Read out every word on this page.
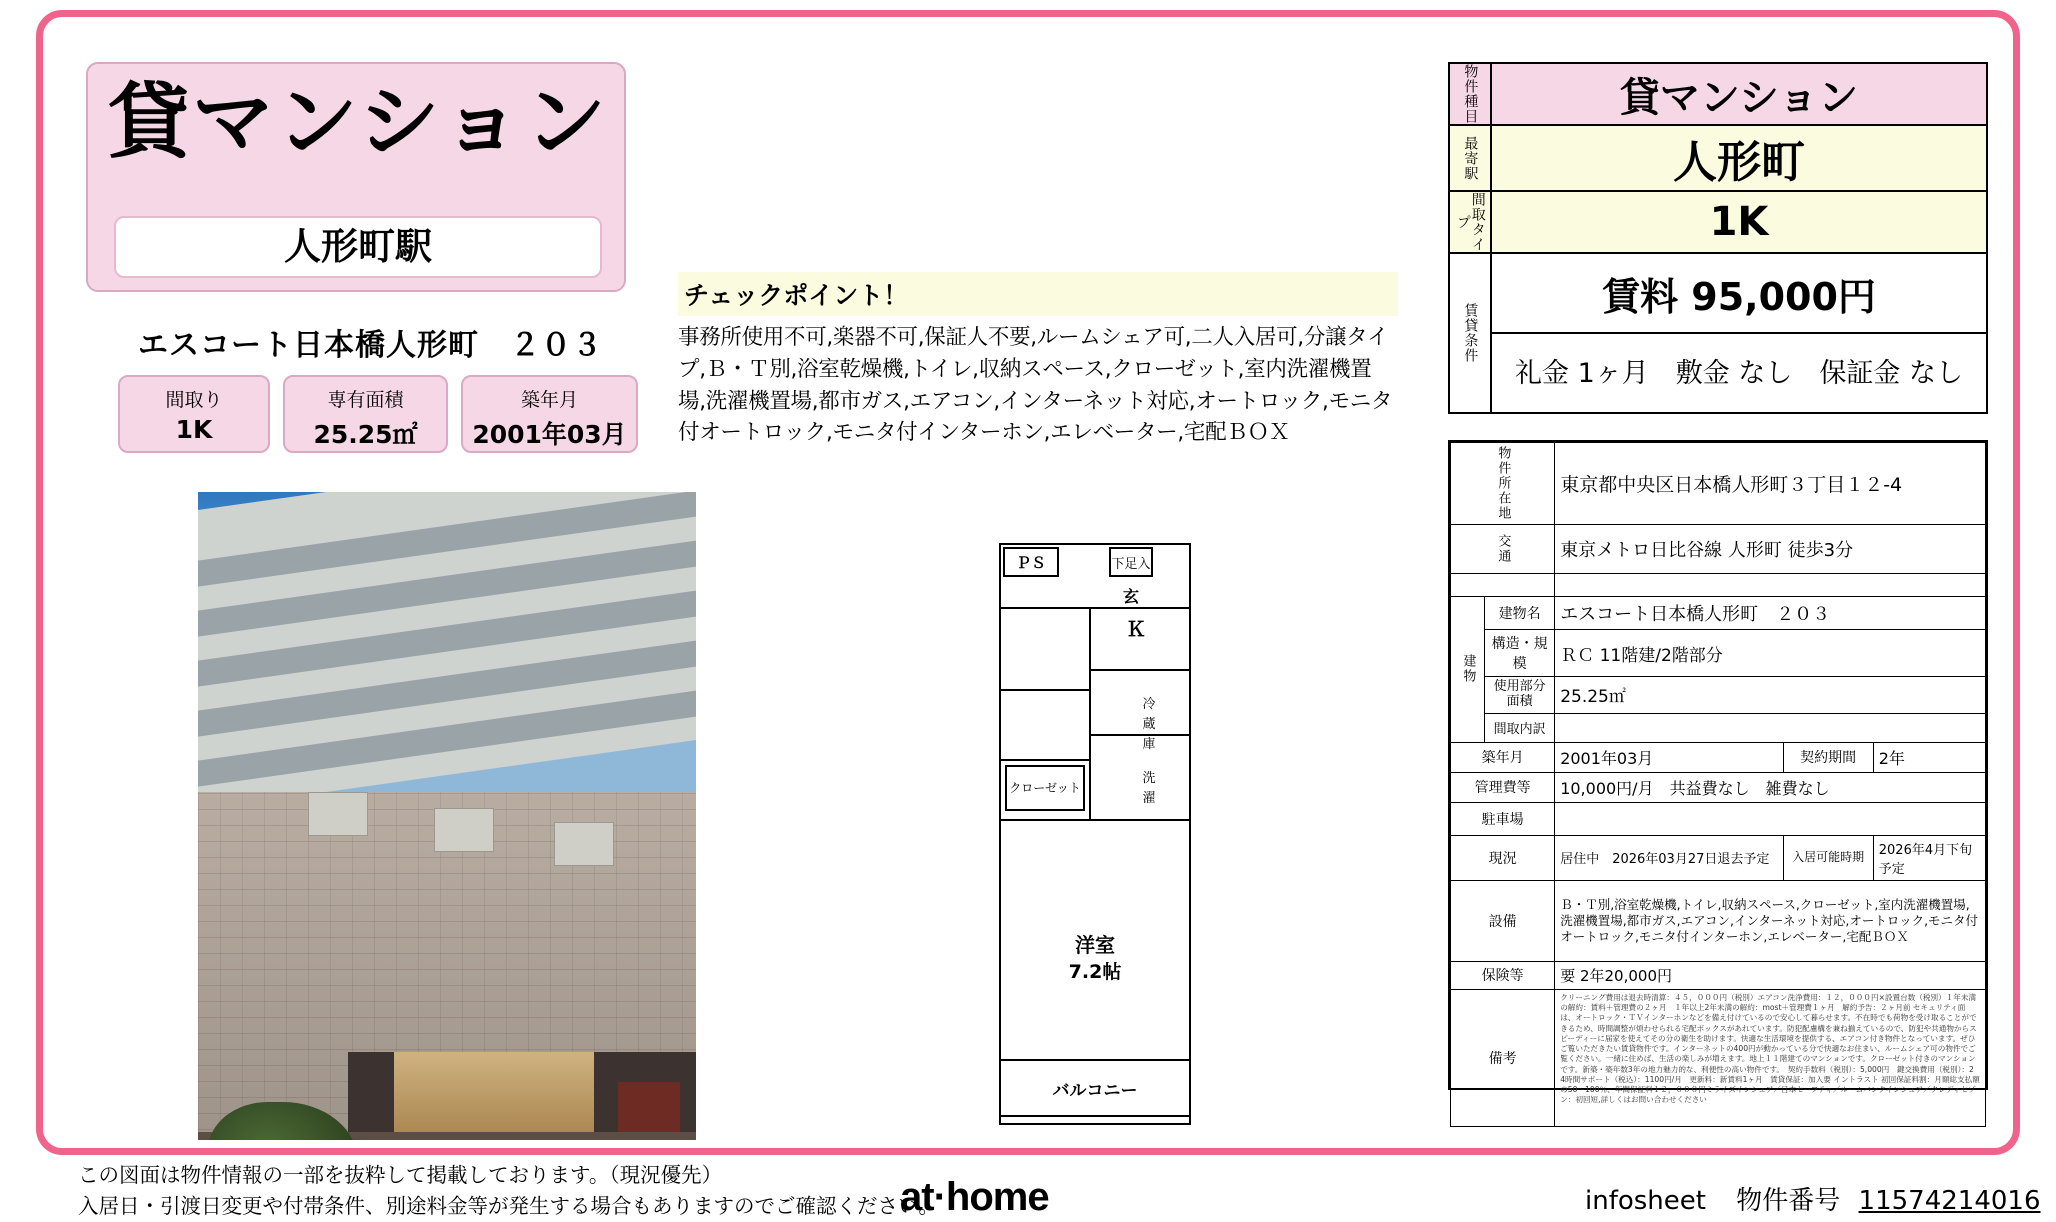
貸マンション
人形町駅
エスコート日本橋人形町　２０３
間取り
1K
専有面積
25.25㎡
築年月
2001年03月
チェックポイント！
事務所使用不可,楽器不可,保証人不要,ルームシェア可,二人入居可,分譲タイプ,Ｂ・Ｔ別,浴室乾燥機,トイレ,収納スペース,クローゼット,室内洗濯機置場,洗濯機置場,都市ガス,エアコン,インターネット対応,オートロック,モニタ付オートロック,モニタ付インターホン,エレベーター,宅配ＢＯＸ
ＰＳ	下足入
玄
Ｋ
冷
蔵
庫
洗
濯
クローゼット
洋室
7.2帖
バルコニー
物件種目	貸マンション
最寄駅	人形町
間取タイプ	1K
賃貸条件
賃料 95,000円
礼金 1ヶ月　敷金 なし　保証金 なし
物件所在地		東京都中央区日本橋人形町３丁目１２-4		

交通		東京メトロ日比谷線 人形町 徒歩3分		

建物	建物名	エスコート日本橋人形町　２０３		
	構造・規模	ＲＣ 11階建/2階部分		
	使用部分面積	25.25㎡		
	間取内訳			
築年月		2001年03月	契約期間	2年
管理費等		10,000円/月　共益費なし　雑費なし		
駐車場				
現況		居住中　2026年03月27日退去予定	入居可能時期	2026年4月下旬予定
設備		Ｂ・Ｔ別,浴室乾燥機,トイレ,収納スペース,クローゼット,室内洗濯機置場,洗濯機置場,都市ガス,エアコン,インターネット対応,オートロック,モニタ付オートロック,モニタ付インターホン,エレベーター,宅配ＢＯＸ		
保険等		要 2年20,000円		
備考		クリーニング費用は退去時清算：４５，０００円（税別）エアコン洗浄費用：１２，０００円×設置台数（税別）１年未満の解約：賃料＋管理費の２ヶ月　１年以上2年未満の解約：most＋管理費１ヶ月　解約予告：２ヶ月前 セキュリティ面は、オートロック・ＴＶインターホンなどを備え付けているので安心して暮らせます。不在時でも荷物を受け取ることができるため、時間調整が煩わせられる宅配ボックスがあれています。防犯配慮構を兼ね揃えているので、防犯や共通物からスピーディーに届家を使えてその分の衛生を助けます。快適な生活環境を提供する、エアコン付き物件となっています。ぜひご覧いただきたい賃貸物件です。インターネットの400円が動かっている分で快適なお住まい、ルームシェア可の物件でご覧ください。一緒に住めば、生活の楽しみが増えます。地上１１階建てのマンションです。クローゼット付きのマンションです。新築・築年数3年の地力魅力的な、利便性の高い物件です。　契約手数料（税別）：5,000円　鍵交換費用（税別）：2 4時間サポート（税込）：1100円/月　更新料：新賃料1ヶ月　賃貸保証：加入要 イントラスト 初回保証料割：月額総支払額の50～100％、年間保証料１２，０００円ミライズインシュア／日本セーフティ／ルームバンクインシュア／クレディセゾン：初回短,詳しくはお問い合わせください		
この図面は物件情報の一部を抜粋して掲載しております。（現況優先）
入居日・引渡日変更や付帯条件、別途料金等が発生する場合もありますのでご確認ください。
at·home	infosheet 物件番号 11574214016
